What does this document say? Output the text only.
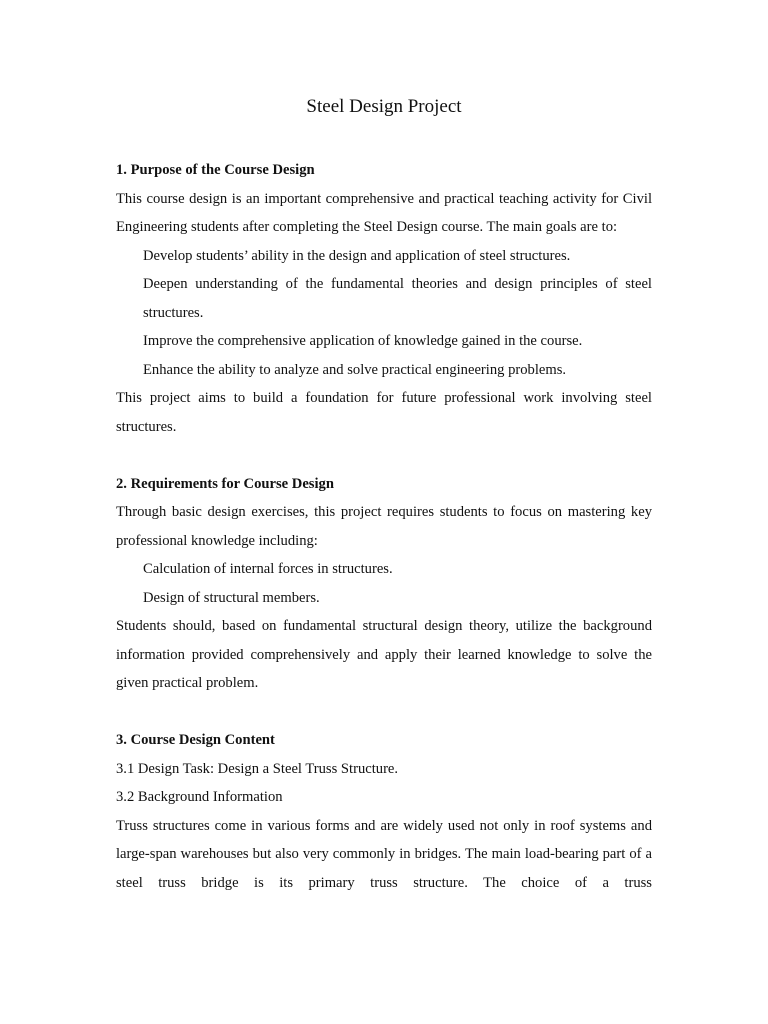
Steel Design Project

1. Purpose of the Course Design

This course design is an important comprehensive and practical teaching activity for Civil Engineering students after completing the Steel Design course. The main goals are to:

Develop students’ ability in the design and application of steel structures.

Deepen understanding of the fundamental theories and design principles of steel structures.

Improve the comprehensive application of knowledge gained in the course.

Enhance the ability to analyze and solve practical engineering problems.

This project aims to build a foundation for future professional work involving steel structures.

2. Requirements for Course Design

Through basic design exercises, this project requires students to focus on mastering key professional knowledge including:

Calculation of internal forces in structures.

Design of structural members.

Students should, based on fundamental structural design theory, utilize the background information provided comprehensively and apply their learned knowledge to solve the given practical problem.

3. Course Design Content

3.1 Design Task: Design a Steel Truss Structure.

3.2 Background Information

Truss structures come in various forms and are widely used not only in roof systems and large-span warehouses but also very commonly in bridges. The main load-bearing part of a steel truss bridge is its primary truss structure. The choice of a truss
